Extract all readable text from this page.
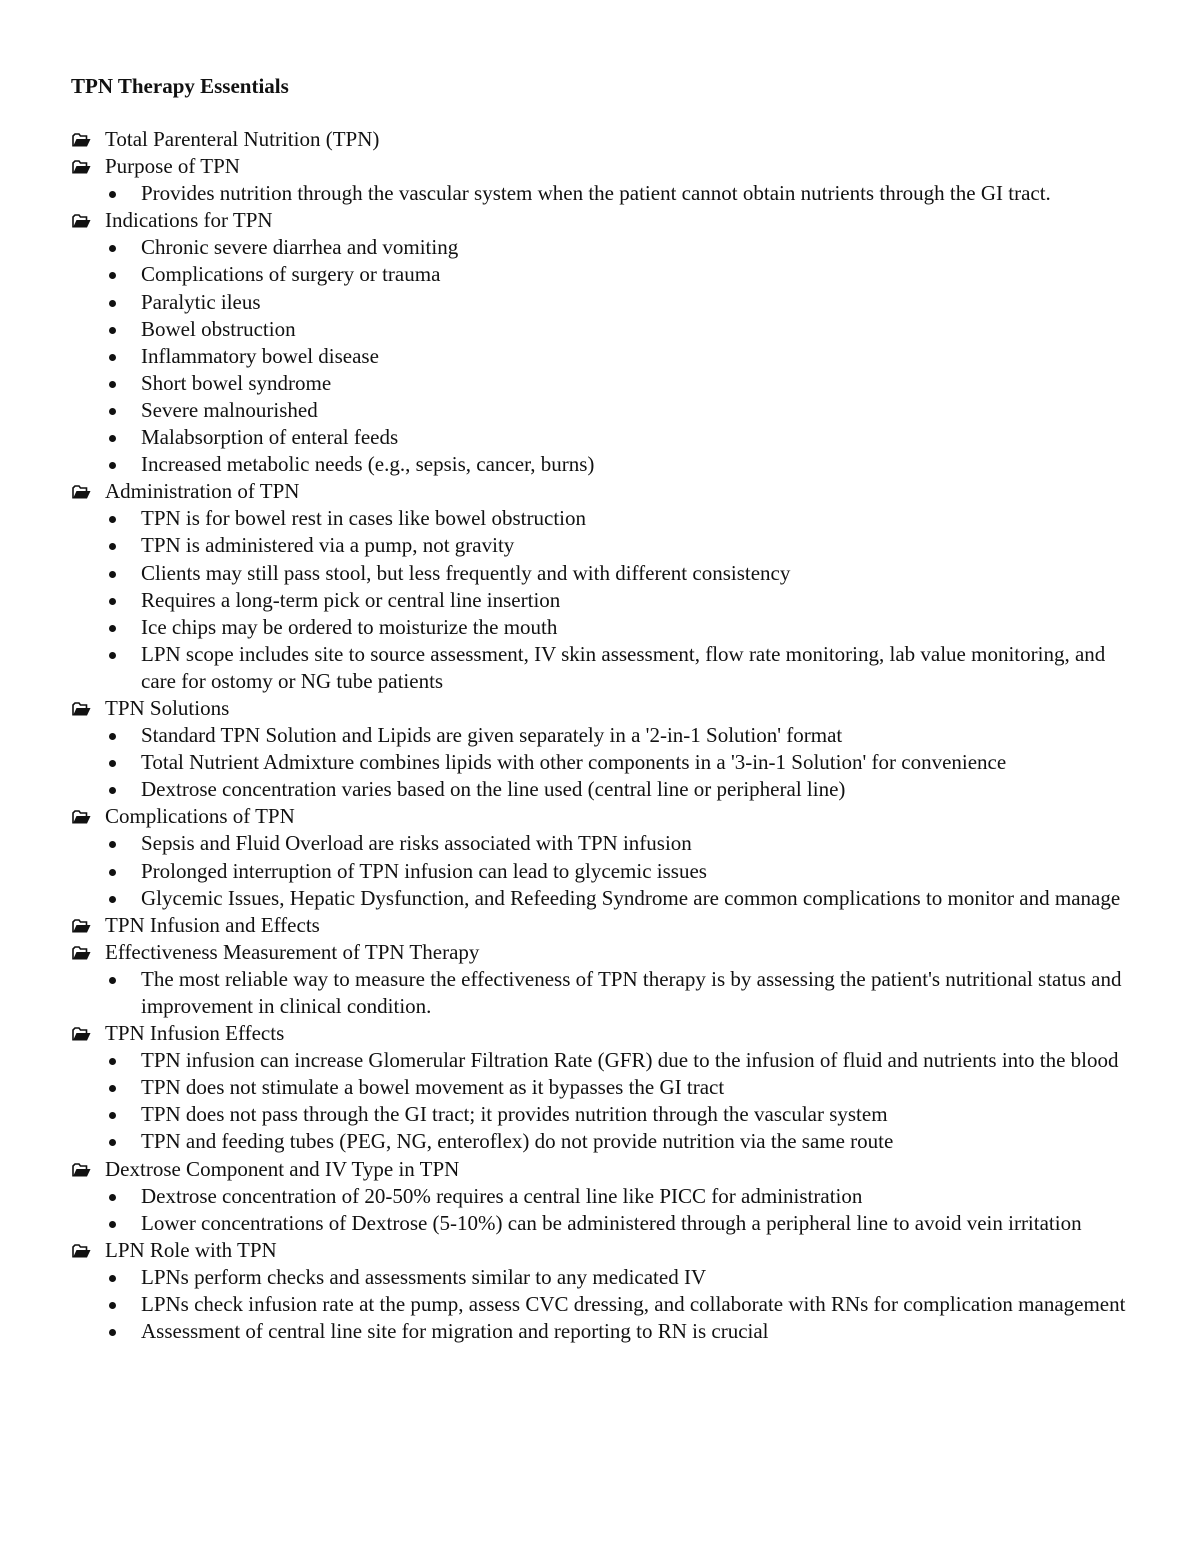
TPN Therapy Essentials
Total Parenteral Nutrition (TPN)
Purpose of TPN
Provides nutrition through the vascular system when the patient cannot obtain nutrients through the GI tract.
Indications for TPN
Chronic severe diarrhea and vomiting
Complications of surgery or trauma
Paralytic ileus
Bowel obstruction
Inflammatory bowel disease
Short bowel syndrome
Severe malnourished
Malabsorption of enteral feeds
Increased metabolic needs (e.g., sepsis, cancer, burns)
Administration of TPN
TPN is for bowel rest in cases like bowel obstruction
TPN is administered via a pump, not gravity
Clients may still pass stool, but less frequently and with different consistency
Requires a long-term pick or central line insertion
Ice chips may be ordered to moisturize the mouth
LPN scope includes site to source assessment, IV skin assessment, flow rate monitoring, lab value monitoring, and care for ostomy or NG tube patients
TPN Solutions
Standard TPN Solution and Lipids are given separately in a '2-in-1 Solution' format
Total Nutrient Admixture combines lipids with other components in a '3-in-1 Solution' for convenience
Dextrose concentration varies based on the line used (central line or peripheral line)
Complications of TPN
Sepsis and Fluid Overload are risks associated with TPN infusion
Prolonged interruption of TPN infusion can lead to glycemic issues
Glycemic Issues, Hepatic Dysfunction, and Refeeding Syndrome are common complications to monitor and manage
TPN Infusion and Effects
Effectiveness Measurement of TPN Therapy
The most reliable way to measure the effectiveness of TPN therapy is by assessing the patient's nutritional status and improvement in clinical condition.
TPN Infusion Effects
TPN infusion can increase Glomerular Filtration Rate (GFR) due to the infusion of fluid and nutrients into the blood
TPN does not stimulate a bowel movement as it bypasses the GI tract
TPN does not pass through the GI tract; it provides nutrition through the vascular system
TPN and feeding tubes (PEG, NG, enteroflex) do not provide nutrition via the same route
Dextrose Component and IV Type in TPN
Dextrose concentration of 20-50% requires a central line like PICC for administration
Lower concentrations of Dextrose (5-10%) can be administered through a peripheral line to avoid vein irritation
LPN Role with TPN
LPNs perform checks and assessments similar to any medicated IV
LPNs check infusion rate at the pump, assess CVC dressing, and collaborate with RNs for complication management
Assessment of central line site for migration and reporting to RN is crucial
